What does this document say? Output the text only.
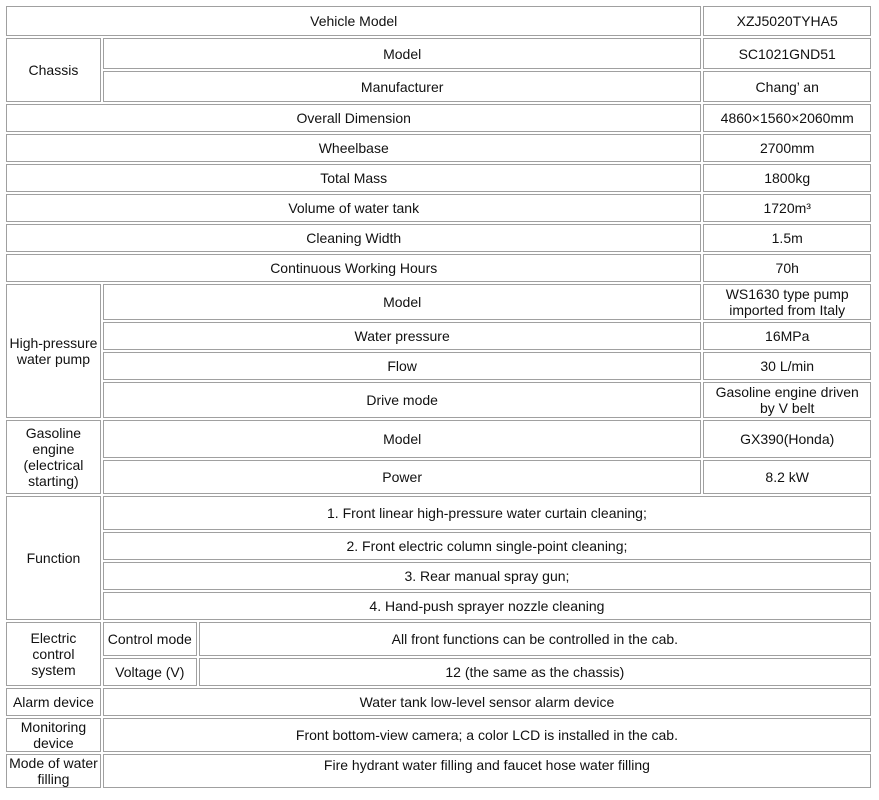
Vehicle Model			XZJ5020TYHA5
Chassis	Model		SC1021GND51
	Manufacturer		Chang’ an
Overall Dimension			4860×1560×2060mm
Wheelbase			2700mm
Total Mass			1800kg
Volume of water tank			1720m³
Cleaning Width			1.5m
Continuous Working Hours			70h
High-pressure water pump	Model		WS1630 type pump imported from Italy
	Water pressure		16MPa
	Flow		30 L/min
	Drive mode		Gasoline engine driven by V belt
Gasoline engine (electrical starting)	Model		GX390(Honda)
	Power		8.2 kW
Function	1. Front linear high-pressure water curtain cleaning;		
	2. Front electric column single-point cleaning;		
	3. Rear manual spray gun;		
	4. Hand-push sprayer nozzle cleaning		
Electric control system	Control mode	All front functions can be controlled in the cab.	
	Voltage (V)	12 (the same as the chassis)	
Alarm device	Water tank low-level sensor alarm device		
Monitoring device	Front bottom-view camera; a color LCD is installed in the cab.		
Mode of water filling	Fire hydrant water filling and faucet hose water filling		
